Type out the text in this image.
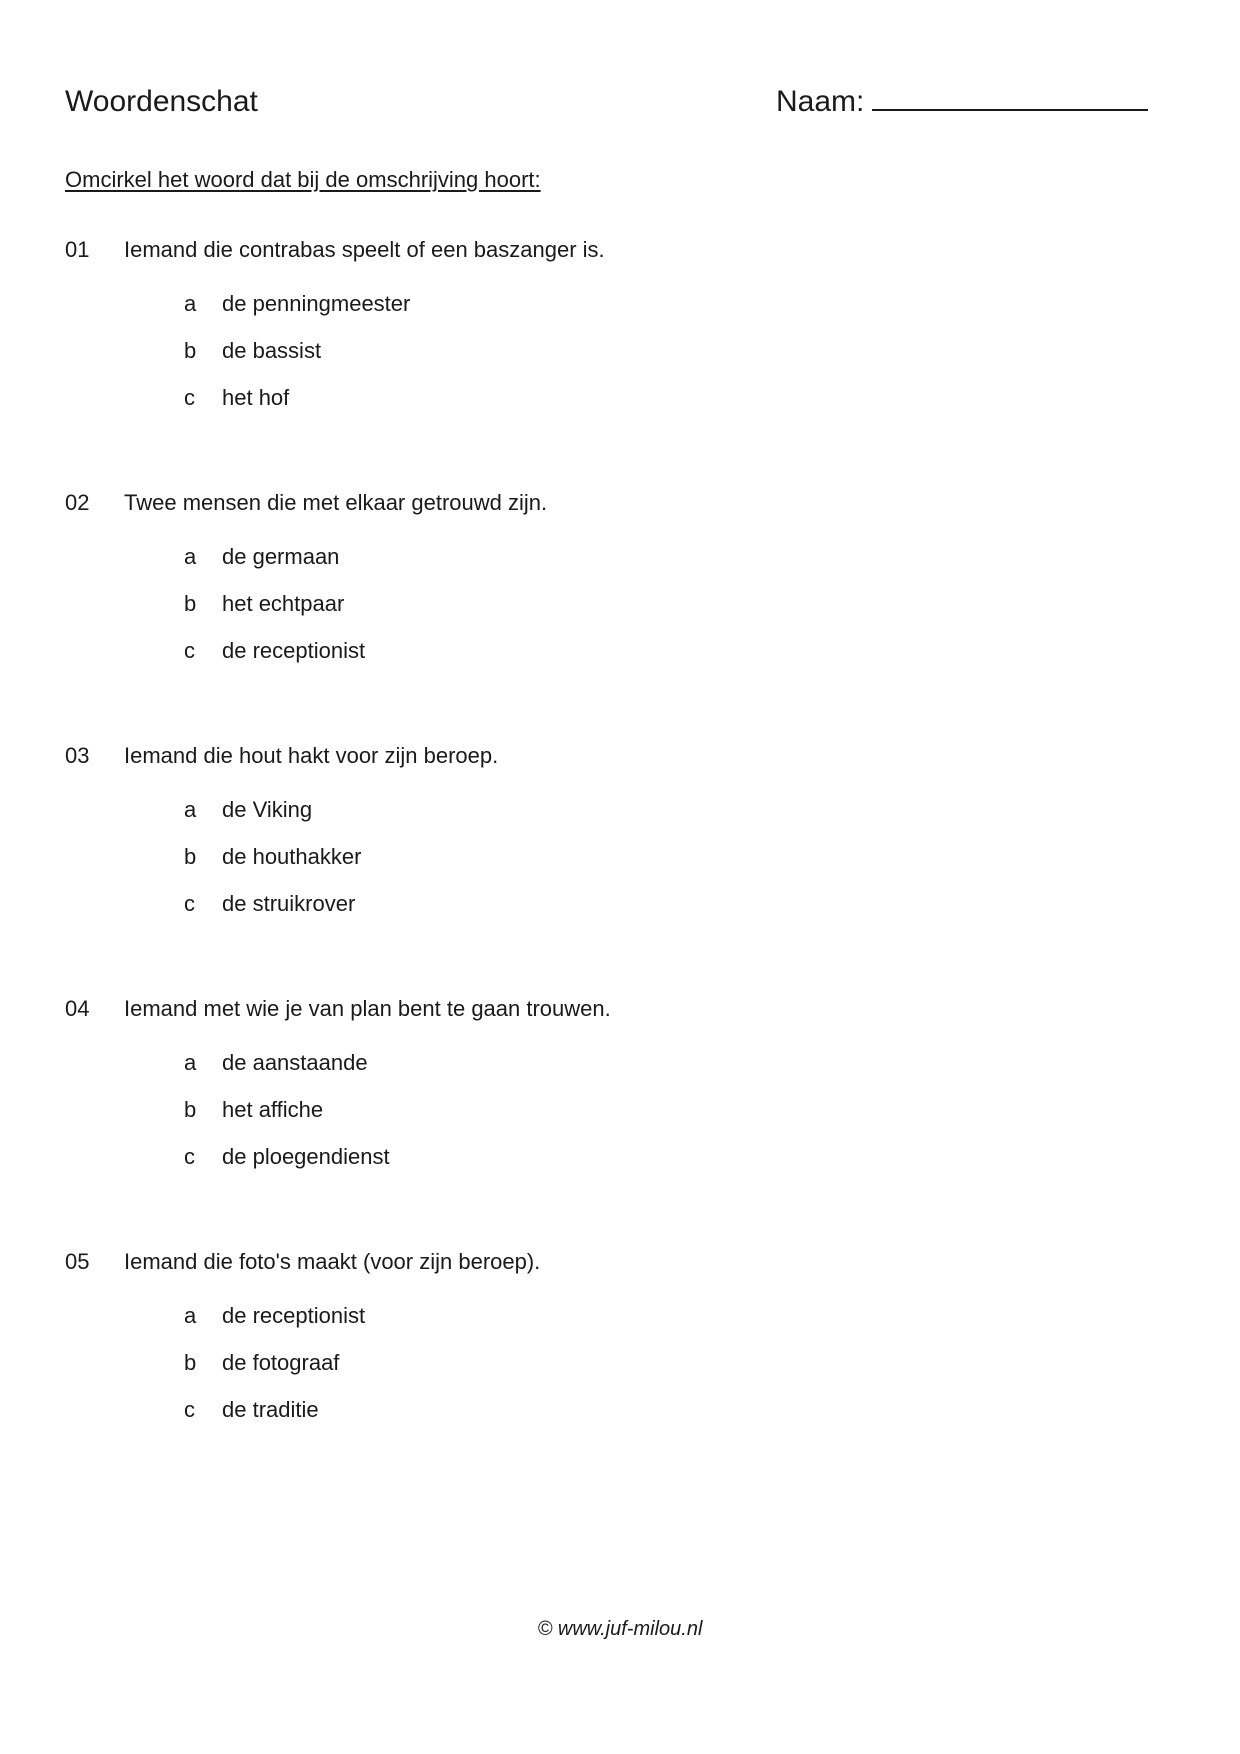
Woordenschat	Naam:
Omcirkel het woord dat bij de omschrijving hoort:
01	Iemand die contrabas speelt of een baszanger is.
a	de penningmeester
b	de bassist
c	het hof
02	Twee mensen die met elkaar getrouwd zijn.
a	de germaan
b	het echtpaar
c	de receptionist
03	Iemand die hout hakt voor zijn beroep.
a	de Viking
b	de houthakker
c	de struikrover
04	Iemand met wie je van plan bent te gaan trouwen.
a	de aanstaande
b	het affiche
c	de ploegendienst
05	Iemand die foto's maakt (voor zijn beroep).
a	de receptionist
b	de fotograaf
c	de traditie
© www.juf-milou.nl
